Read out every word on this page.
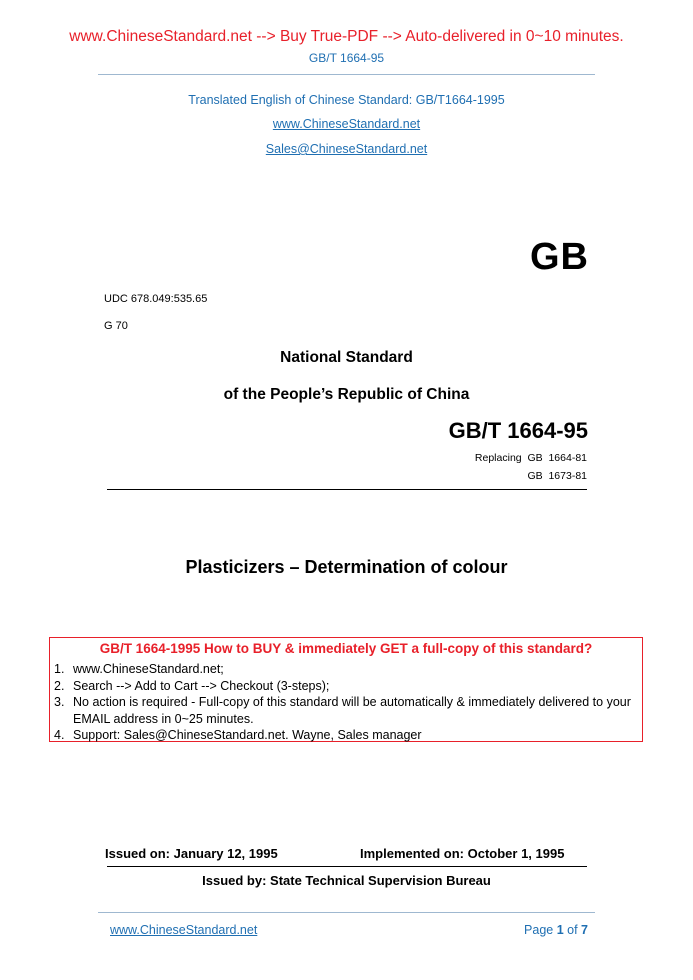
www.ChineseStandard.net --> Buy True-PDF --> Auto-delivered in 0~10 minutes.
GB/T 1664-95
Translated English of Chinese Standard: GB/T1664-1995
www.ChineseStandard.net
Sales@ChineseStandard.net
GB
UDC 678.049:535.65
G 70
National Standard
of the People’s Republic of China
GB/T 1664-95
Replacing  GB  1664-81
GB  1673-81
Plasticizers – Determination of colour
GB/T 1664-1995 How to BUY & immediately GET a full-copy of this standard?
1. www.ChineseStandard.net;
2. Search --> Add to Cart --> Checkout (3-steps);
3. No action is required - Full-copy of this standard will be automatically & immediately delivered to your EMAIL address in 0~25 minutes.
4. Support: Sales@ChineseStandard.net. Wayne, Sales manager
Issued on: January 12, 1995	Implemented on: October 1, 1995
Issued by: State Technical Supervision Bureau
www.ChineseStandard.net	Page 1 of 7
